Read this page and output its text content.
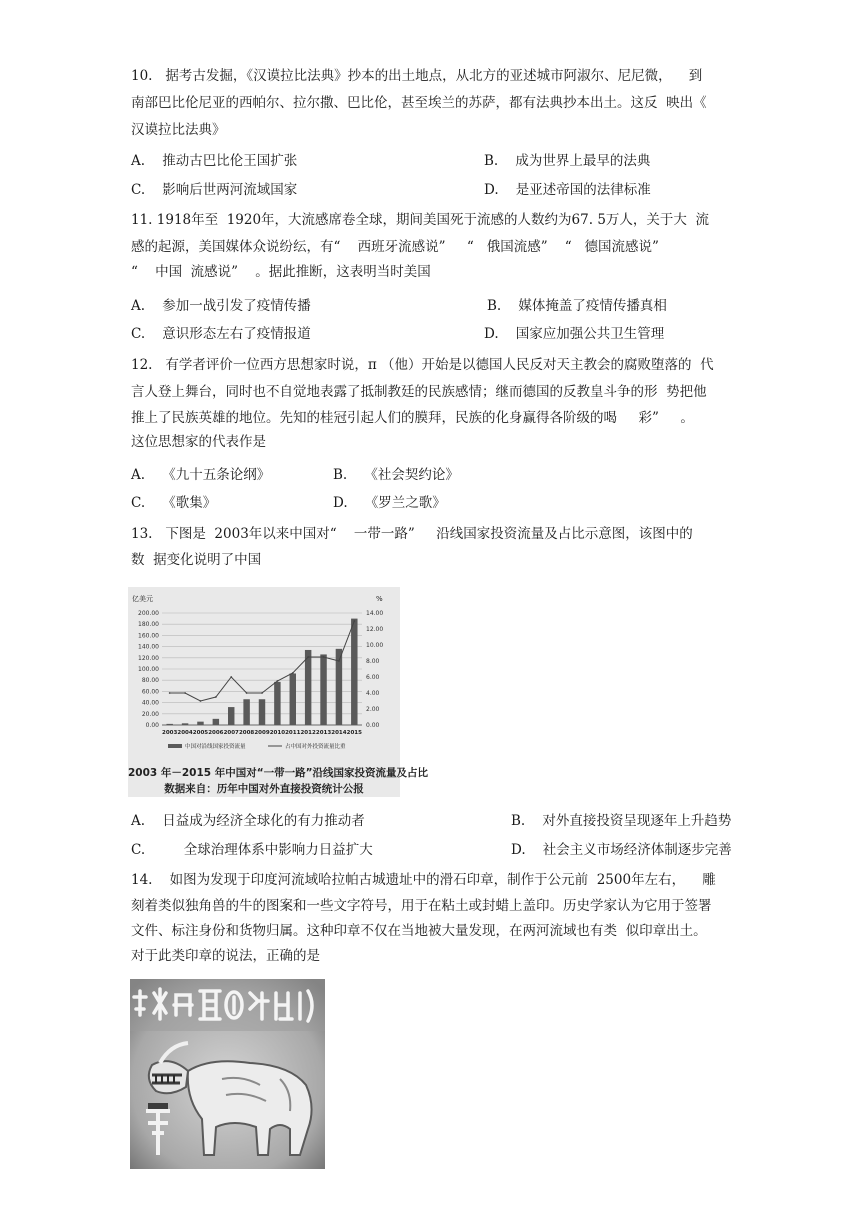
10.   据考古发掘，《汉谟拉比法典》抄本的出土地点，从北方的亚述城市阿淑尔、尼尼微，    到
南部巴比伦尼亚的西帕尔、拉尔撒、巴比伦，甚至埃兰的苏萨，都有法典抄本出土。这反  映出《
汉谟拉比法典》
A.    推动古巴比伦王国扩张	B.    成为世界上最早的法典
C.    影响后世两河流域国家	D.    是亚述帝国的法律标准
11. 1918年至  1920年，大流感席卷全球，期间美国死于流感的人数约为67. 5万人，关于大  流
感的起源，美国媒体众说纷纭，有“    西班牙流感说”     “   俄国流感”    “   德国流感说”
“    中国  流感说”    。据此推断，这表明当时美国
A.    参加一战引发了疫情传播	B.    媒体掩盖了疫情传播真相
C.    意识形态左右了疫情报道	D.    国家应加强公共卫生管理
12.   有学者评价一位西方思想家时说，π （他）开始是以德国人民反对天主教会的腐败堕落的  代
言人登上舞台，同时也不自觉地表露了抵制教廷的民族感情；继而德国的反教皇斗争的形  势把他
推上了民族英雄的地位。先知的桂冠引起人们的膜拜，民族的化身赢得各阶级的喝     彩”     。
这位思想家的代表作是
A.    《九十五条论纲》	B.    《社会契约论》
C.    《歌集》	D.    《罗兰之歌》
13.   下图是  2003年以来中国对“    一带一路”     沿线国家投资流量及占比示意图，该图中的
数  据变化说明了中国
亿美元	%
0.00
20.00
40.00
60.00
80.00
100.00
120.00
140.00
160.00
180.00
200.00
0.00
2.00
4.00
6.00
8.00
10.00
12.00
14.00
2003 2004 2005 2006 2007 2008 2009 2010 2011 2012 2013 2014 2015
中国对沿线国家投资流量	占中国对外投资流量比重
2003 年－2015 年中国对“一带一路”沿线国家投资流量及占比
数据来自：历年中国对外直接投资统计公报
A.    日益成为经济全球化的有力推动者	B.    对外直接投资呈现逐年上升趋势
C.         全球治理体系中影响力日益扩大	D.    社会主义市场经济体制逐步完善
14.    如图为发现于印度河流域哈拉帕古城遗址中的滑石印章，制作于公元前  2500年左右，    雕
刻着类似独角兽的牛的图案和一些文字符号，用于在粘土或封蜡上盖印。历史学家认为它用于签署
文件、标注身份和货物归属。这种印章不仅在当地被大量发现，在两河流域也有类  似印章出土。
对于此类印章的说法，正确的是
